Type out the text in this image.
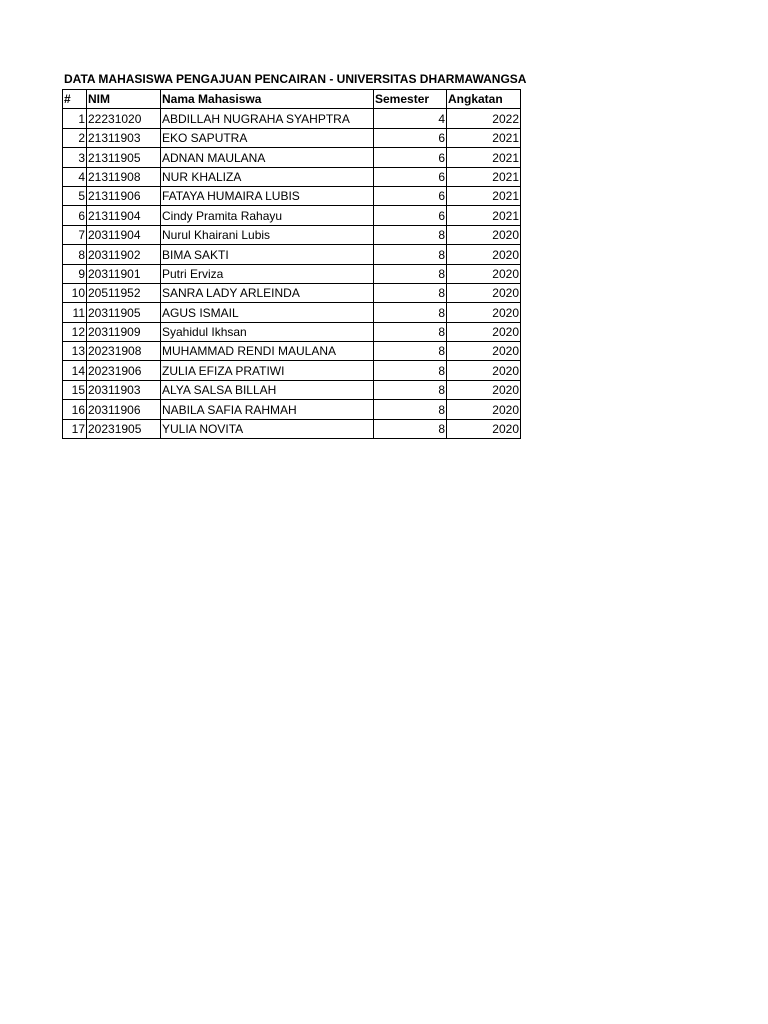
DATA MAHASISWA PENGAJUAN PENCAIRAN - UNIVERSITAS DHARMAWANGSA
#	NIM	Nama Mahasiswa	Semester	Angkatan
1	22231020	ABDILLAH NUGRAHA SYAHPTRA	4	2022
2	21311903	EKO SAPUTRA	6	2021
3	21311905	ADNAN MAULANA	6	2021
4	21311908	NUR KHALIZA	6	2021
5	21311906	FATAYA HUMAIRA LUBIS	6	2021
6	21311904	Cindy Pramita Rahayu	6	2021
7	20311904	Nurul Khairani Lubis	8	2020
8	20311902	BIMA SAKTI	8	2020
9	20311901	Putri Erviza	8	2020
10	20511952	SANRA LADY ARLEINDA	8	2020
11	20311905	AGUS ISMAIL	8	2020
12	20311909	Syahidul Ikhsan	8	2020
13	20231908	MUHAMMAD RENDI MAULANA	8	2020
14	20231906	ZULIA EFIZA PRATIWI	8	2020
15	20311903	ALYA SALSA BILLAH	8	2020
16	20311906	NABILA SAFIA RAHMAH	8	2020
17	20231905	YULIA NOVITA	8	2020
